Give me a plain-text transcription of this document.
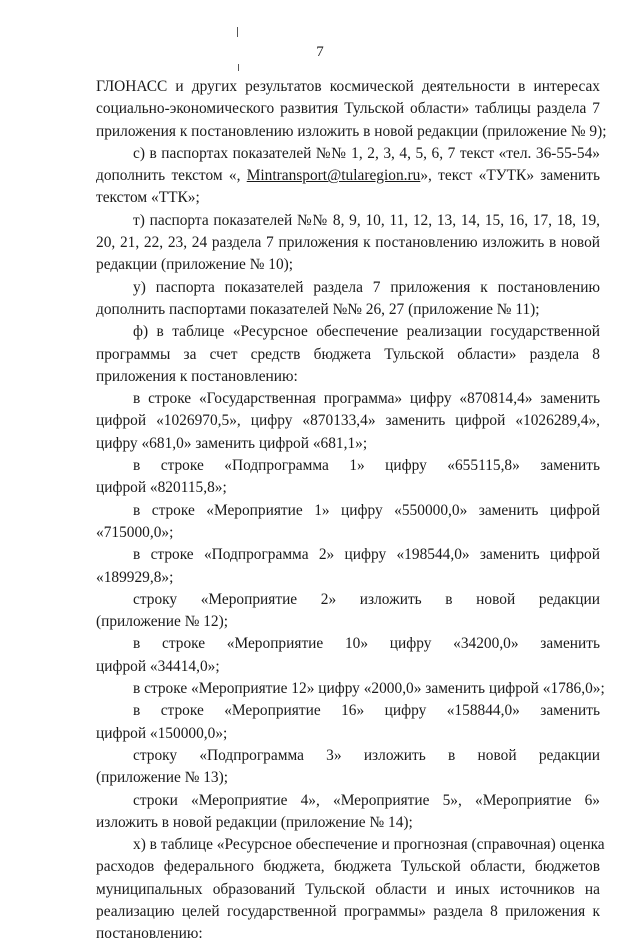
7
ГЛОНАСС и других результатов космической деятельности в интересах
социально-экономического развития Тульской области» таблицы раздела 7
приложения к постановлению изложить в новой редакции (приложение № 9);
с) в паспортах показателей №№ 1, 2, 3, 4, 5, 6, 7 текст «тел. 36-55-54»
дополнить текстом «, Mintransport@tularegion.ru», текст «ТУТК» заменить
текстом «ТТК»;
т) паспорта показателей №№ 8, 9, 10, 11, 12, 13, 14, 15, 16, 17, 18, 19,
20, 21, 22, 23, 24 раздела 7 приложения к постановлению изложить в новой
редакции (приложение № 10);
у) паспорта показателей раздела 7 приложения к постановлению
дополнить паспортами показателей №№ 26, 27 (приложение № 11);
ф) в таблице «Ресурсное обеспечение реализации государственной
программы за счет средств бюджета Тульской области» раздела 8
приложения к постановлению:
в строке «Государственная программа» цифру «870814,4» заменить
цифрой «1026970,5», цифру «870133,4» заменить цифрой «1026289,4»,
цифру «681,0» заменить цифрой «681,1»;
в строке «Подпрограмма 1» цифру «655115,8» заменить
цифрой «820115,8»;
в строке «Мероприятие 1» цифру «550000,0» заменить цифрой
«715000,0»;
в строке «Подпрограмма 2» цифру «198544,0» заменить цифрой
«189929,8»;
строку «Мероприятие 2» изложить в новой редакции
(приложение № 12);
в строке «Мероприятие 10» цифру «34200,0» заменить
цифрой «34414,0»;
в строке «Мероприятие 12» цифру «2000,0» заменить цифрой «1786,0»;
в строке «Мероприятие 16» цифру «158844,0» заменить
цифрой «150000,0»;
строку «Подпрограмма 3» изложить в новой редакции
(приложение № 13);
строки «Мероприятие 4», «Мероприятие 5», «Мероприятие 6»
изложить в новой редакции (приложение № 14);
х) в таблице «Ресурсное обеспечение и прогнозная (справочная) оценка
расходов федерального бюджета, бюджета Тульской области, бюджетов
муниципальных образований Тульской области и иных источников на
реализацию целей государственной программы» раздела 8 приложения к
постановлению:
